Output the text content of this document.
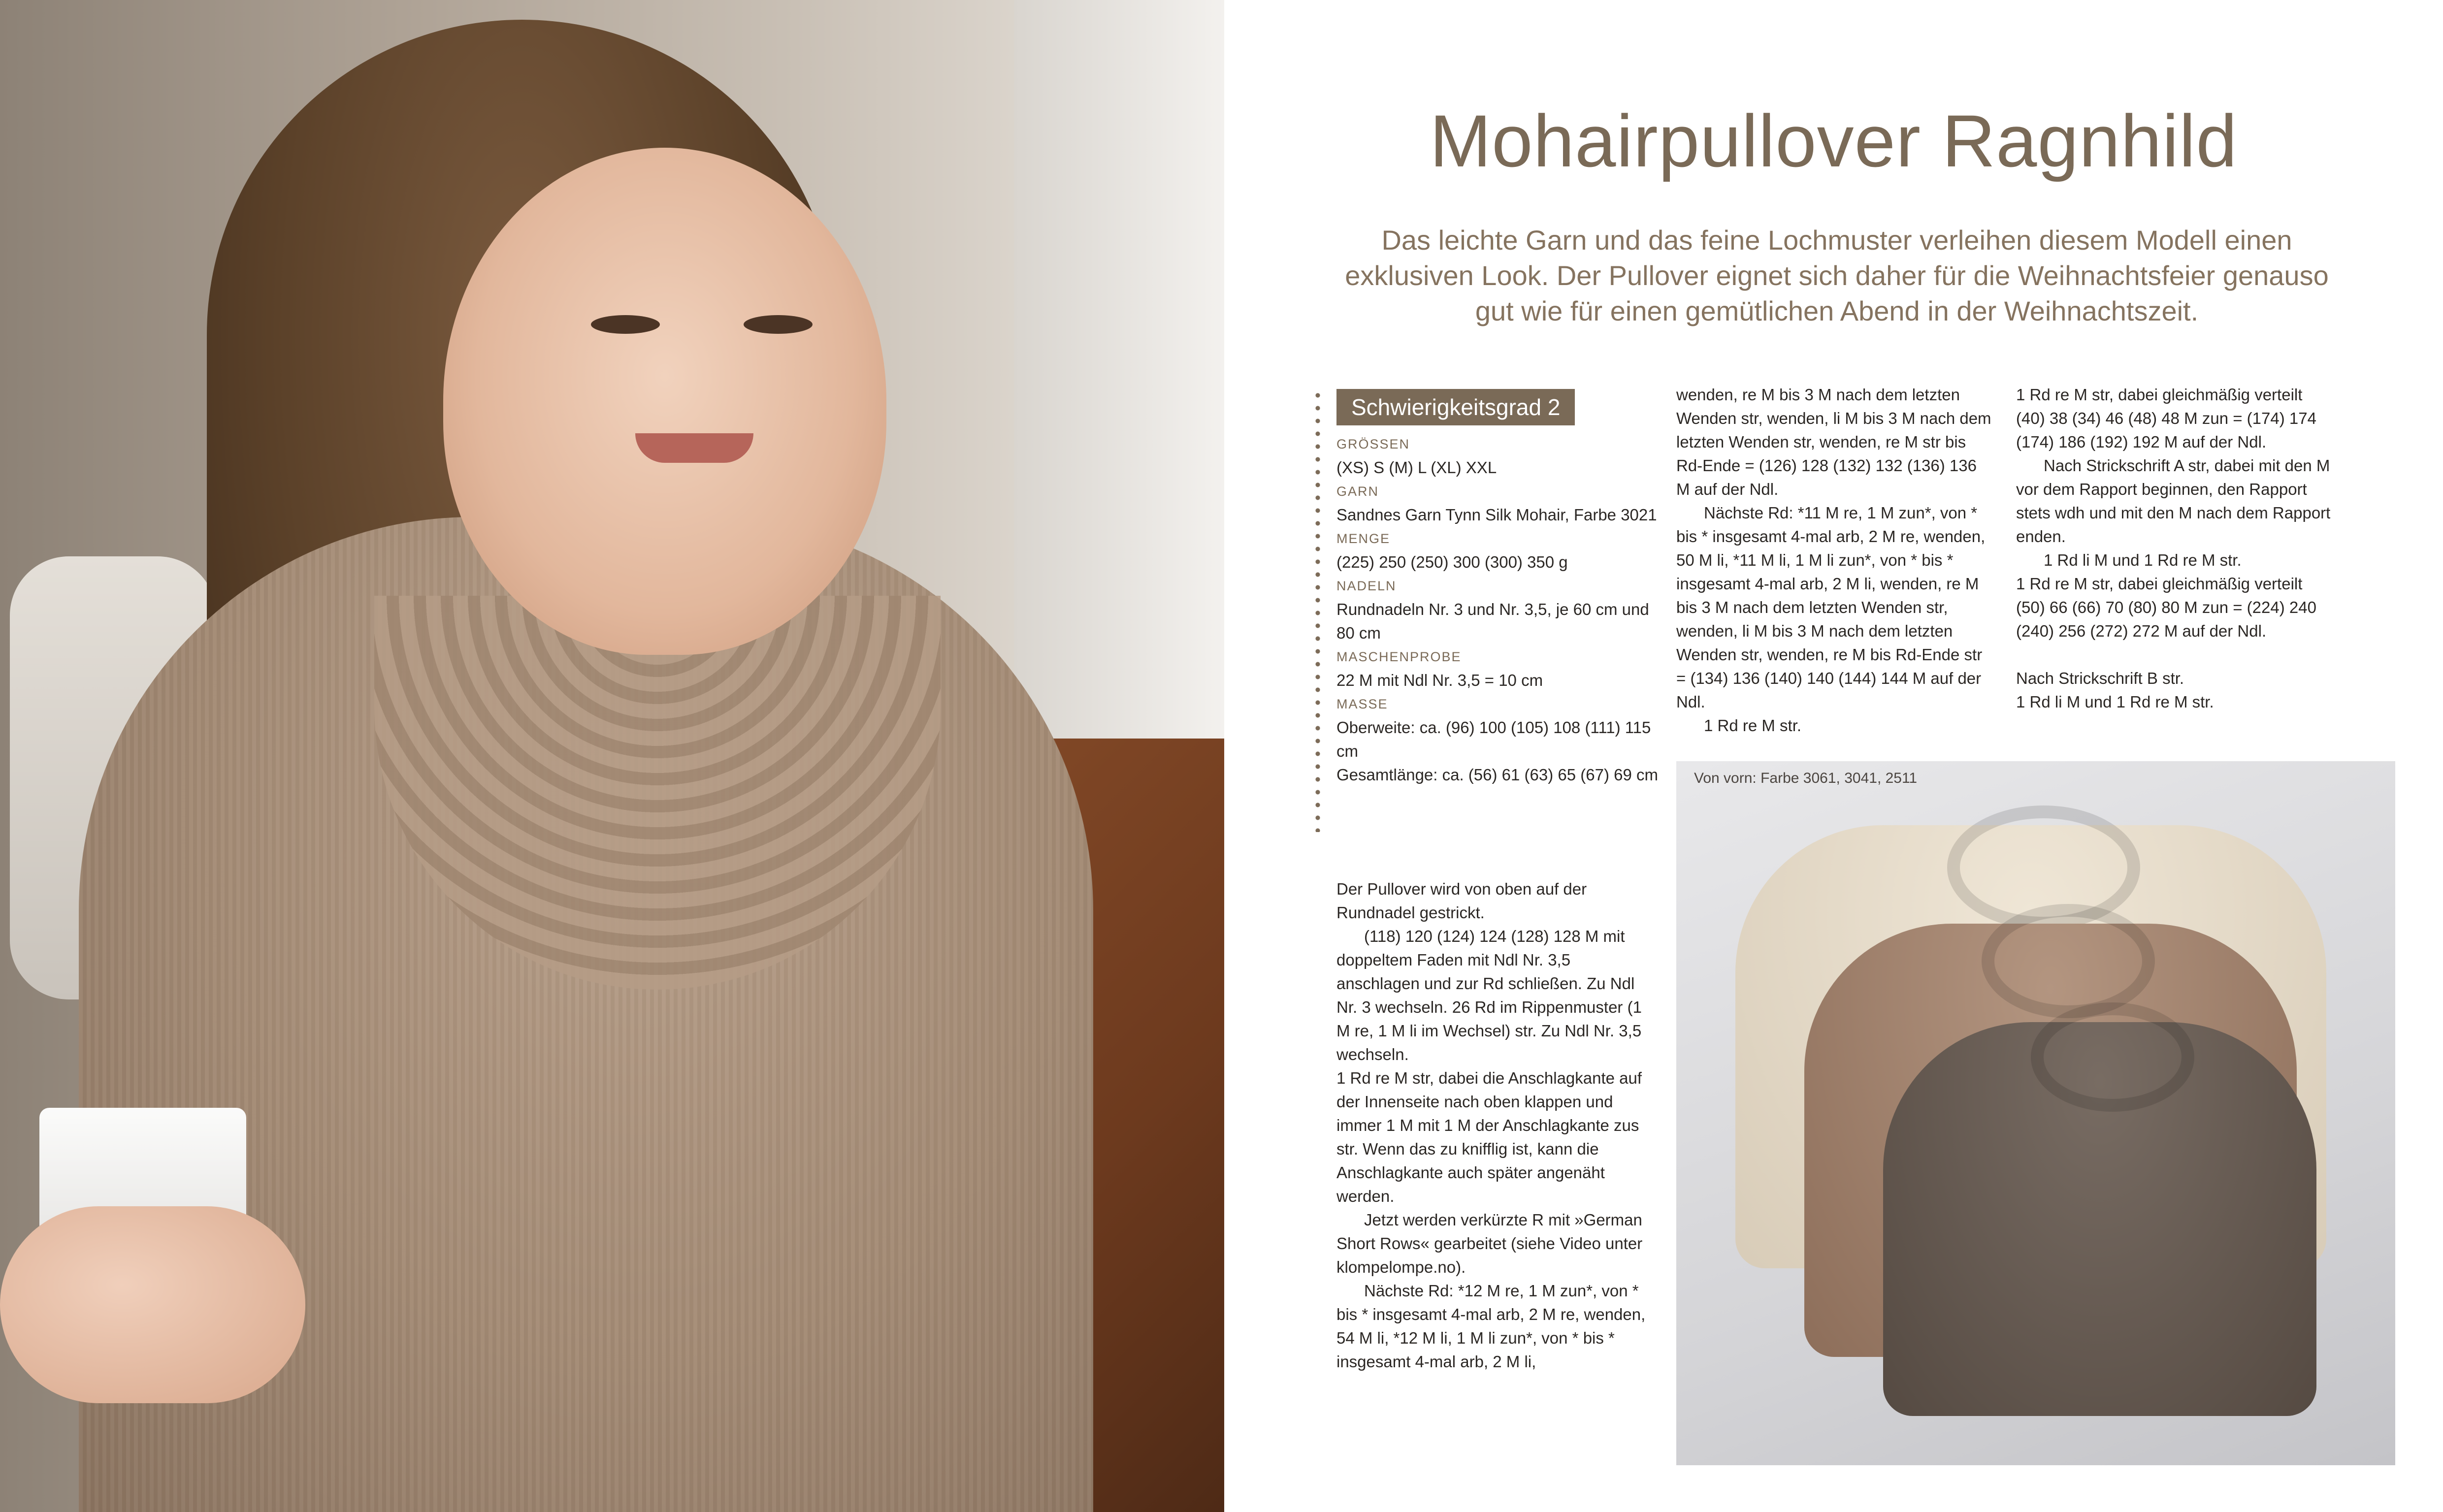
Mohairpullover Ragnhild

Das leichte Garn und das feine Lochmuster verleihen diesem Modell einen exklusiven Look. Der Pullover eignet sich daher für die Weihnachtsfeier genauso gut wie für einen gemütlichen Abend in der Weihnachtszeit.

Schwierigkeitsgrad 2
GRÖSSEN
(XS) S (M) L (XL) XXL
GARN
Sandnes Garn Tynn Silk Mohair, Farbe 3021
MENGE
(225) 250 (250) 300 (300) 350 g
NADELN
Rundnadeln Nr. 3 und Nr. 3,5, je 60 cm und 80 cm
MASCHENPROBE
22 M mit Ndl Nr. 3,5 = 10 cm
MASSE
Oberweite: ca. (96) 100 (105) 108 (111) 115 cm
Gesamtlänge: ca. (56) 61 (63) 65 (67) 69 cm

Der Pullover wird von oben auf der Rundnadel gestrickt.

(118) 120 (124) 124 (128) 128 M mit doppeltem Faden mit Ndl Nr. 3,5 anschlagen und zur Rd schließen. Zu Ndl Nr. 3 wechseln. 26 Rd im Rippenmuster (1 M re, 1 M li im Wechsel) str. Zu Ndl Nr. 3,5 wechseln.

1 Rd re M str, dabei die Anschlagkante auf der Innenseite nach oben klappen und immer 1 M mit 1 M der Anschlagkante zus str. Wenn das zu knifflig ist, kann die Anschlagkante auch später angenäht werden.

Jetzt werden verkürzte R mit »German Short Rows« gearbeitet (siehe Video unter klompelompe.no).

Nächste Rd: *12 M re, 1 M zun*, von * bis * insgesamt 4-mal arb, 2 M re, wenden, 54 M li, *12 M li, 1 M li zun*, von * bis * insgesamt 4-mal arb, 2 M li,

wenden, re M bis 3 M nach dem letzten Wenden str, wenden, li M bis 3 M nach dem letzten Wenden str, wenden, re M str bis Rd-Ende = (126) 128 (132) 132 (136) 136 M auf der Ndl.

Nächste Rd: *11 M re, 1 M zun*, von * bis * insgesamt 4-mal arb, 2 M re, wenden, 50 M li, *11 M li, 1 M li zun*, von * bis * insgesamt 4-mal arb, 2 M li, wenden, re M bis 3 M nach dem letzten Wenden str, wenden, li M bis 3 M nach dem letzten Wenden str, wenden, re M bis Rd-Ende str = (134) 136 (140) 140 (144) 144 M auf der Ndl.

1 Rd re M str.

1 Rd re M str, dabei gleichmäßig verteilt (40) 38 (34) 46 (48) 48 M zun = (174) 174 (174) 186 (192) 192 M auf der Ndl.

Nach Strickschrift A str, dabei mit den M vor dem Rapport beginnen, den Rapport stets wdh und mit den M nach dem Rapport enden.

1 Rd li M und 1 Rd re M str.

1 Rd re M str, dabei gleichmäßig verteilt (50) 66 (66) 70 (80) 80 M zun = (224) 240 (240) 256 (272) 272 M auf der Ndl.

Nach Strickschrift B str.

1 Rd li M und 1 Rd re M str.

Von vorn: Farbe 3061, 3041, 2511
